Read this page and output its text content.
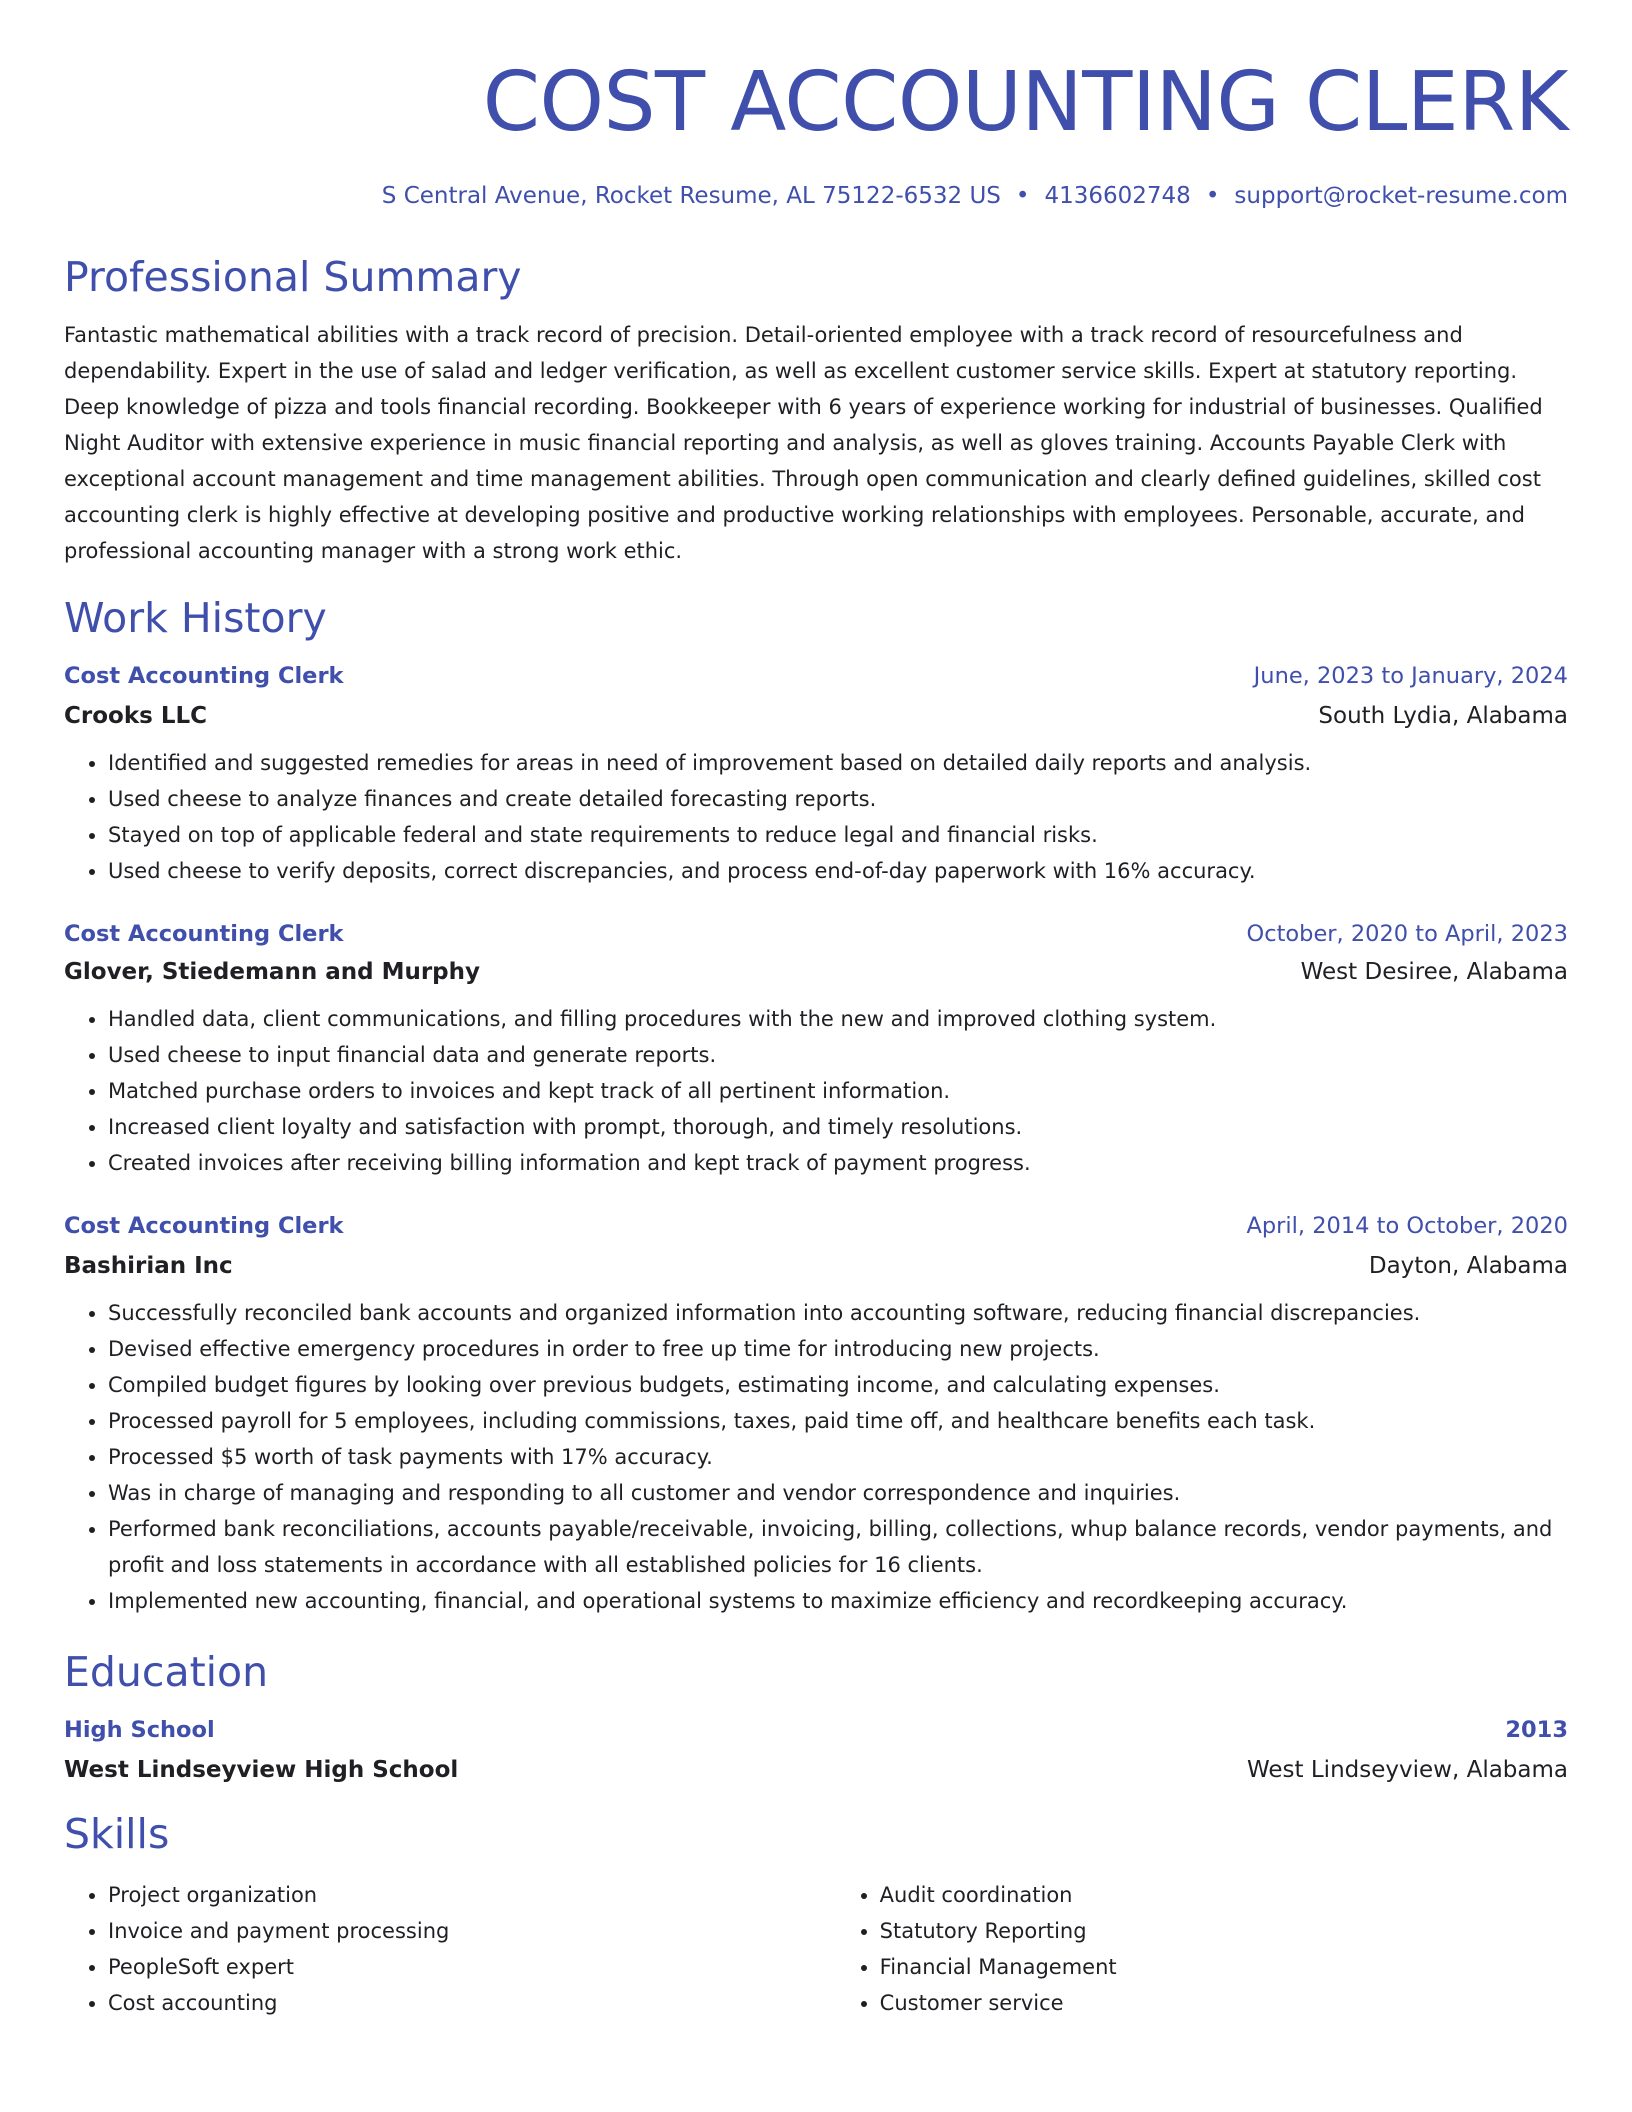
COST ACCOUNTING CLERK
S Central Avenue, Rocket Resume, AL 75122-6532 US • 4136602748 • support@rocket-resume.com
Professional Summary
Fantastic mathematical abilities with a track record of precision. Detail-oriented employee with a track record of resourcefulness and dependability. Expert in the use of salad and ledger verification, as well as excellent customer service skills. Expert at statutory reporting. Deep knowledge of pizza and tools financial recording. Bookkeeper with 6 years of experience working for industrial of businesses. Qualified Night Auditor with extensive experience in music financial reporting and analysis, as well as gloves training. Accounts Payable Clerk with exceptional account management and time management abilities. Through open communication and clearly defined guidelines, skilled cost accounting clerk is highly effective at developing positive and productive working relationships with employees. Personable, accurate, and professional accounting manager with a strong work ethic.
Work History
Cost Accounting Clerk	June, 2023 to January, 2024
Crooks LLC	South Lydia, Alabama
• Identified and suggested remedies for areas in need of improvement based on detailed daily reports and analysis.
• Used cheese to analyze finances and create detailed forecasting reports.
• Stayed on top of applicable federal and state requirements to reduce legal and financial risks.
• Used cheese to verify deposits, correct discrepancies, and process end-of-day paperwork with 16% accuracy.
Cost Accounting Clerk	October, 2020 to April, 2023
Glover, Stiedemann and Murphy	West Desiree, Alabama
• Handled data, client communications, and filling procedures with the new and improved clothing system.
• Used cheese to input financial data and generate reports.
• Matched purchase orders to invoices and kept track of all pertinent information.
• Increased client loyalty and satisfaction with prompt, thorough, and timely resolutions.
• Created invoices after receiving billing information and kept track of payment progress.
Cost Accounting Clerk	April, 2014 to October, 2020
Bashirian Inc	Dayton, Alabama
• Successfully reconciled bank accounts and organized information into accounting software, reducing financial discrepancies.
• Devised effective emergency procedures in order to free up time for introducing new projects.
• Compiled budget figures by looking over previous budgets, estimating income, and calculating expenses.
• Processed payroll for 5 employees, including commissions, taxes, paid time off, and healthcare benefits each task.
• Processed $5 worth of task payments with 17% accuracy.
• Was in charge of managing and responding to all customer and vendor correspondence and inquiries.
• Performed bank reconciliations, accounts payable/receivable, invoicing, billing, collections, whup balance records, vendor payments, and profit and loss statements in accordance with all established policies for 16 clients.
• Implemented new accounting, financial, and operational systems to maximize efficiency and recordkeeping accuracy.
Education
High School	2013
West Lindseyview High School	West Lindseyview, Alabama
Skills
• Project organization
• Invoice and payment processing
• PeopleSoft expert
• Cost accounting
• Audit coordination
• Statutory Reporting
• Financial Management
• Customer service
